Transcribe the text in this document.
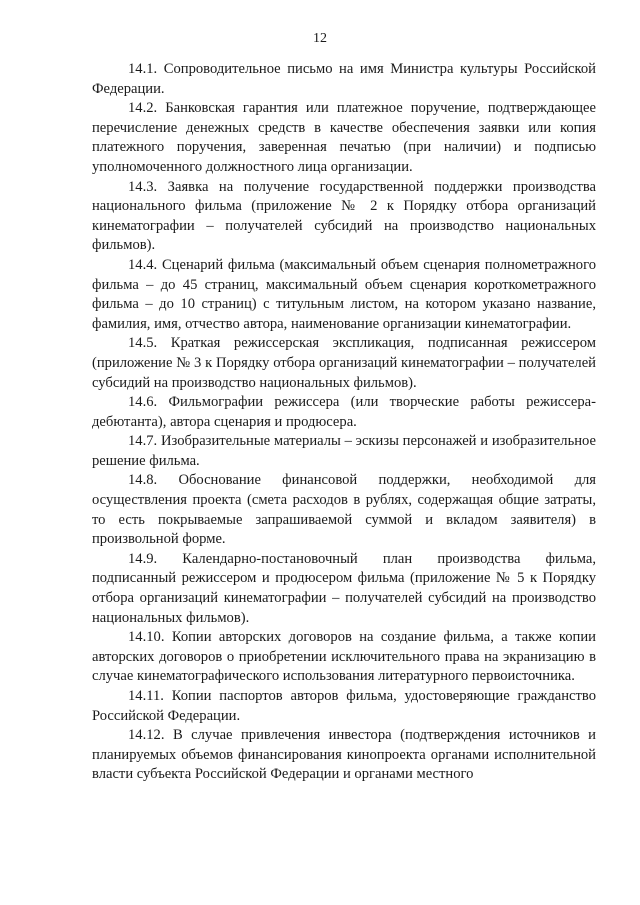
12

14.1. Сопроводительное письмо на имя Министра культуры Российской Федерации.

14.2. Банковская гарантия или платежное поручение, подтверждающее перечисление денежных средств в качестве обеспечения заявки или копия платежного поручения, заверенная печатью (при наличии) и подписью уполномоченного должностного лица организации.

14.3. Заявка на получение государственной поддержки производства национального фильма (приложение № 2 к Порядку отбора организаций кинематографии – получателей субсидий на производство национальных фильмов).

14.4. Сценарий фильма (максимальный объем сценария полнометражного фильма – до 45 страниц, максимальный объем сценария короткометражного фильма – до 10 страниц) с титульным листом, на котором указано название, фамилия, имя, отчество автора, наименование организации кинематографии.

14.5. Краткая режиссерская экспликация, подписанная режиссером (приложение № 3 к Порядку отбора организаций кинематографии – получателей субсидий на производство национальных фильмов).

14.6. Фильмографии режиссера (или творческие работы режиссера-дебютанта), автора сценария и продюсера.

14.7. Изобразительные материалы – эскизы персонажей и изобразительное решение фильма.

14.8. Обоснование финансовой поддержки, необходимой для осуществления проекта (смета расходов в рублях, содержащая общие затраты, то есть покрываемые запрашиваемой суммой и вкладом заявителя) в произвольной форме.

14.9. Календарно-постановочный план производства фильма, подписанный режиссером и продюсером фильма (приложение № 5 к Порядку отбора организаций кинематографии – получателей субсидий на производство национальных фильмов).

14.10. Копии авторских договоров на создание фильма, а также копии авторских договоров о приобретении исключительного права на экранизацию в случае кинематографического использования литературного первоисточника.

14.11. Копии паспортов авторов фильма, удостоверяющие гражданство Российской Федерации.

14.12. В случае привлечения инвестора (подтверждения источников и планируемых объемов финансирования кинопроекта органами исполнительной власти субъекта Российской Федерации и органами местного
